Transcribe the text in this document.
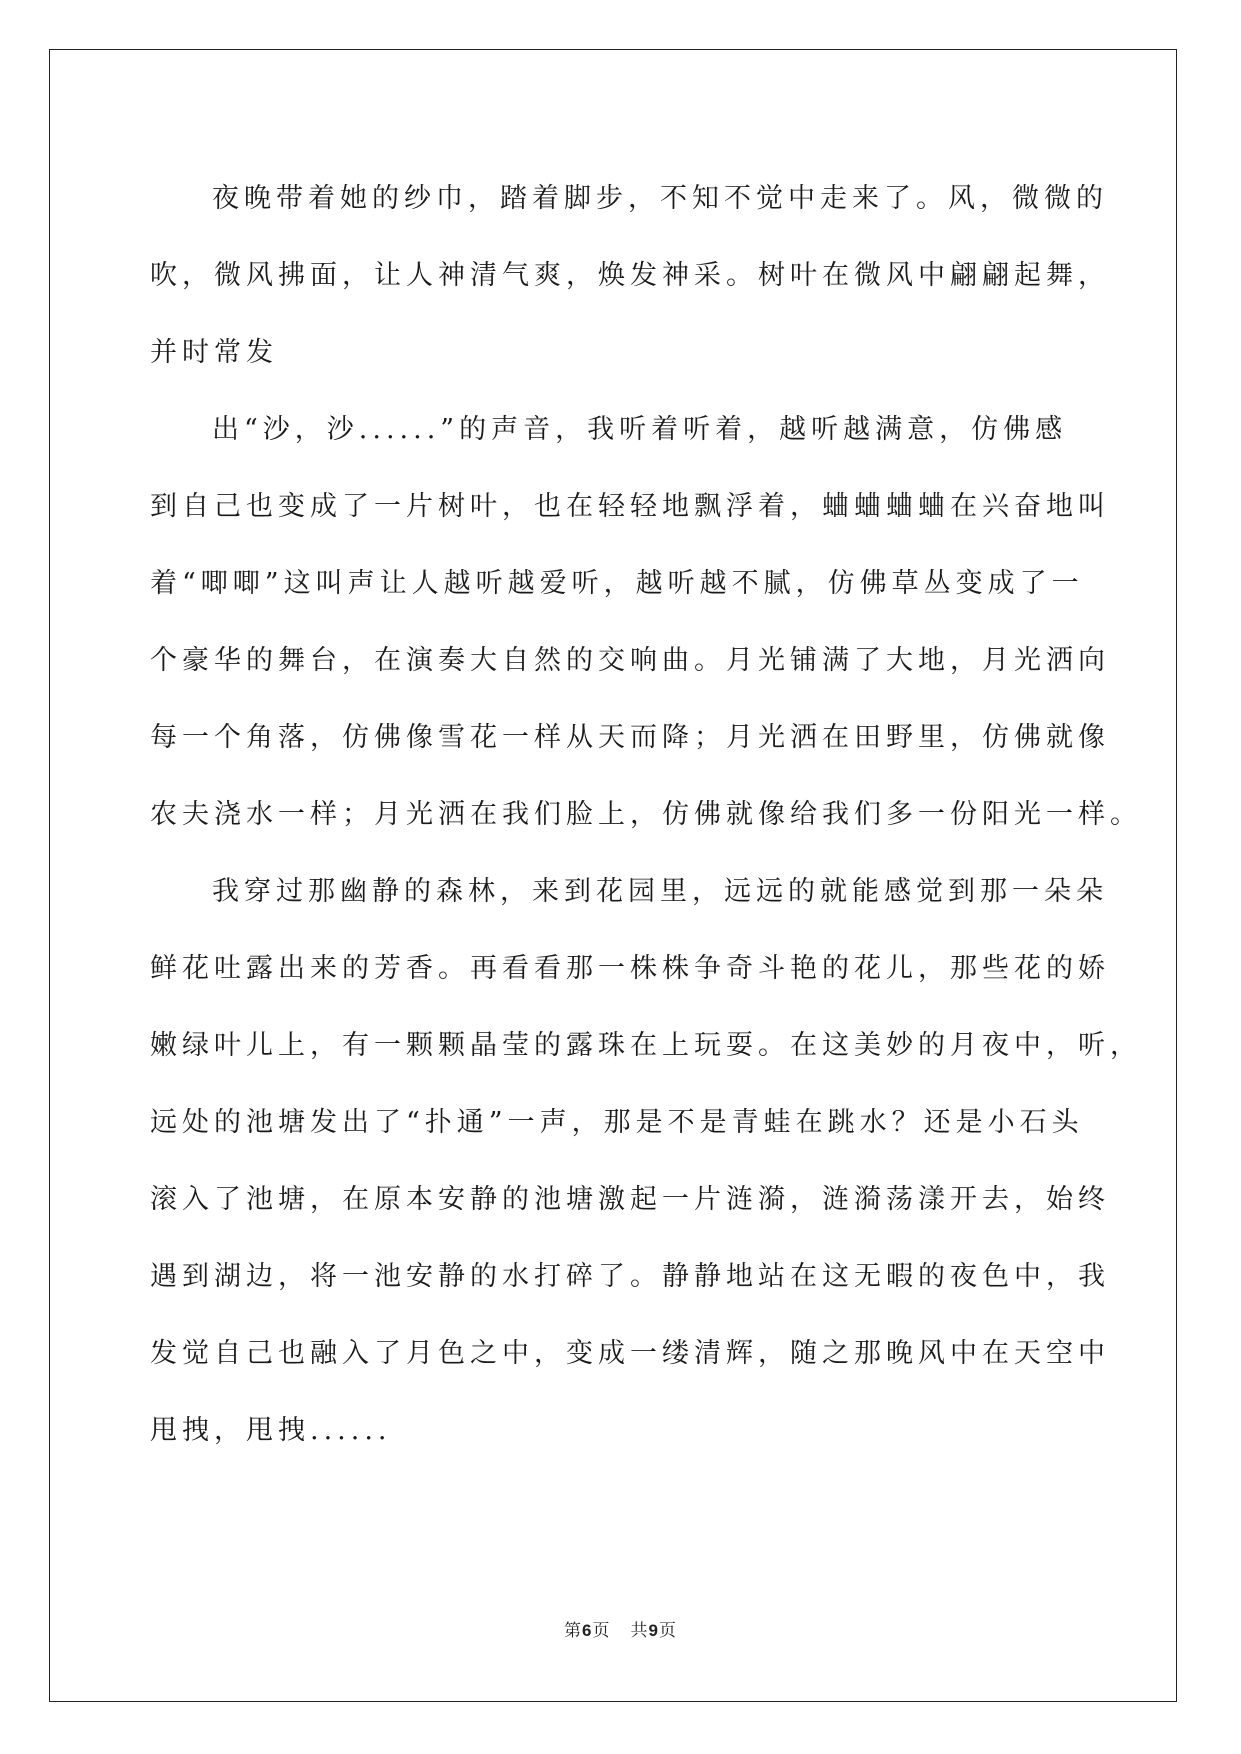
夜晚带着她的纱巾，踏着脚步，不知不觉中走来了。风，微微的
吹，微风拂面，让人神清气爽，焕发神采。树叶在微风中翩翩起舞，
并时常发
出“沙，沙......”的声音，我听着听着，越听越满意，仿佛感
到自己也变成了一片树叶，也在轻轻地飘浮着，蛐蛐蛐蛐在兴奋地叫
着“唧唧”这叫声让人越听越爱听，越听越不腻，仿佛草丛变成了一
个豪华的舞台，在演奏大自然的交响曲。月光铺满了大地，月光洒向
每一个角落，仿佛像雪花一样从天而降；月光洒在田野里，仿佛就像
农夫浇水一样；月光洒在我们脸上，仿佛就像给我们多一份阳光一样。
我穿过那幽静的森林，来到花园里，远远的就能感觉到那一朵朵
鲜花吐露出来的芳香。再看看那一株株争奇斗艳的花儿，那些花的娇
嫩绿叶儿上，有一颗颗晶莹的露珠在上玩耍。在这美妙的月夜中，听，
远处的池塘发出了“扑通”一声，那是不是青蛙在跳水？还是小石头
滚入了池塘，在原本安静的池塘激起一片涟漪，涟漪荡漾开去，始终
遇到湖边，将一池安静的水打碎了。静静地站在这无暇的夜色中，我
发觉自己也融入了月色之中，变成一缕清辉，随之那晚风中在天空中
甩拽，甩拽......
第6页 共9页
